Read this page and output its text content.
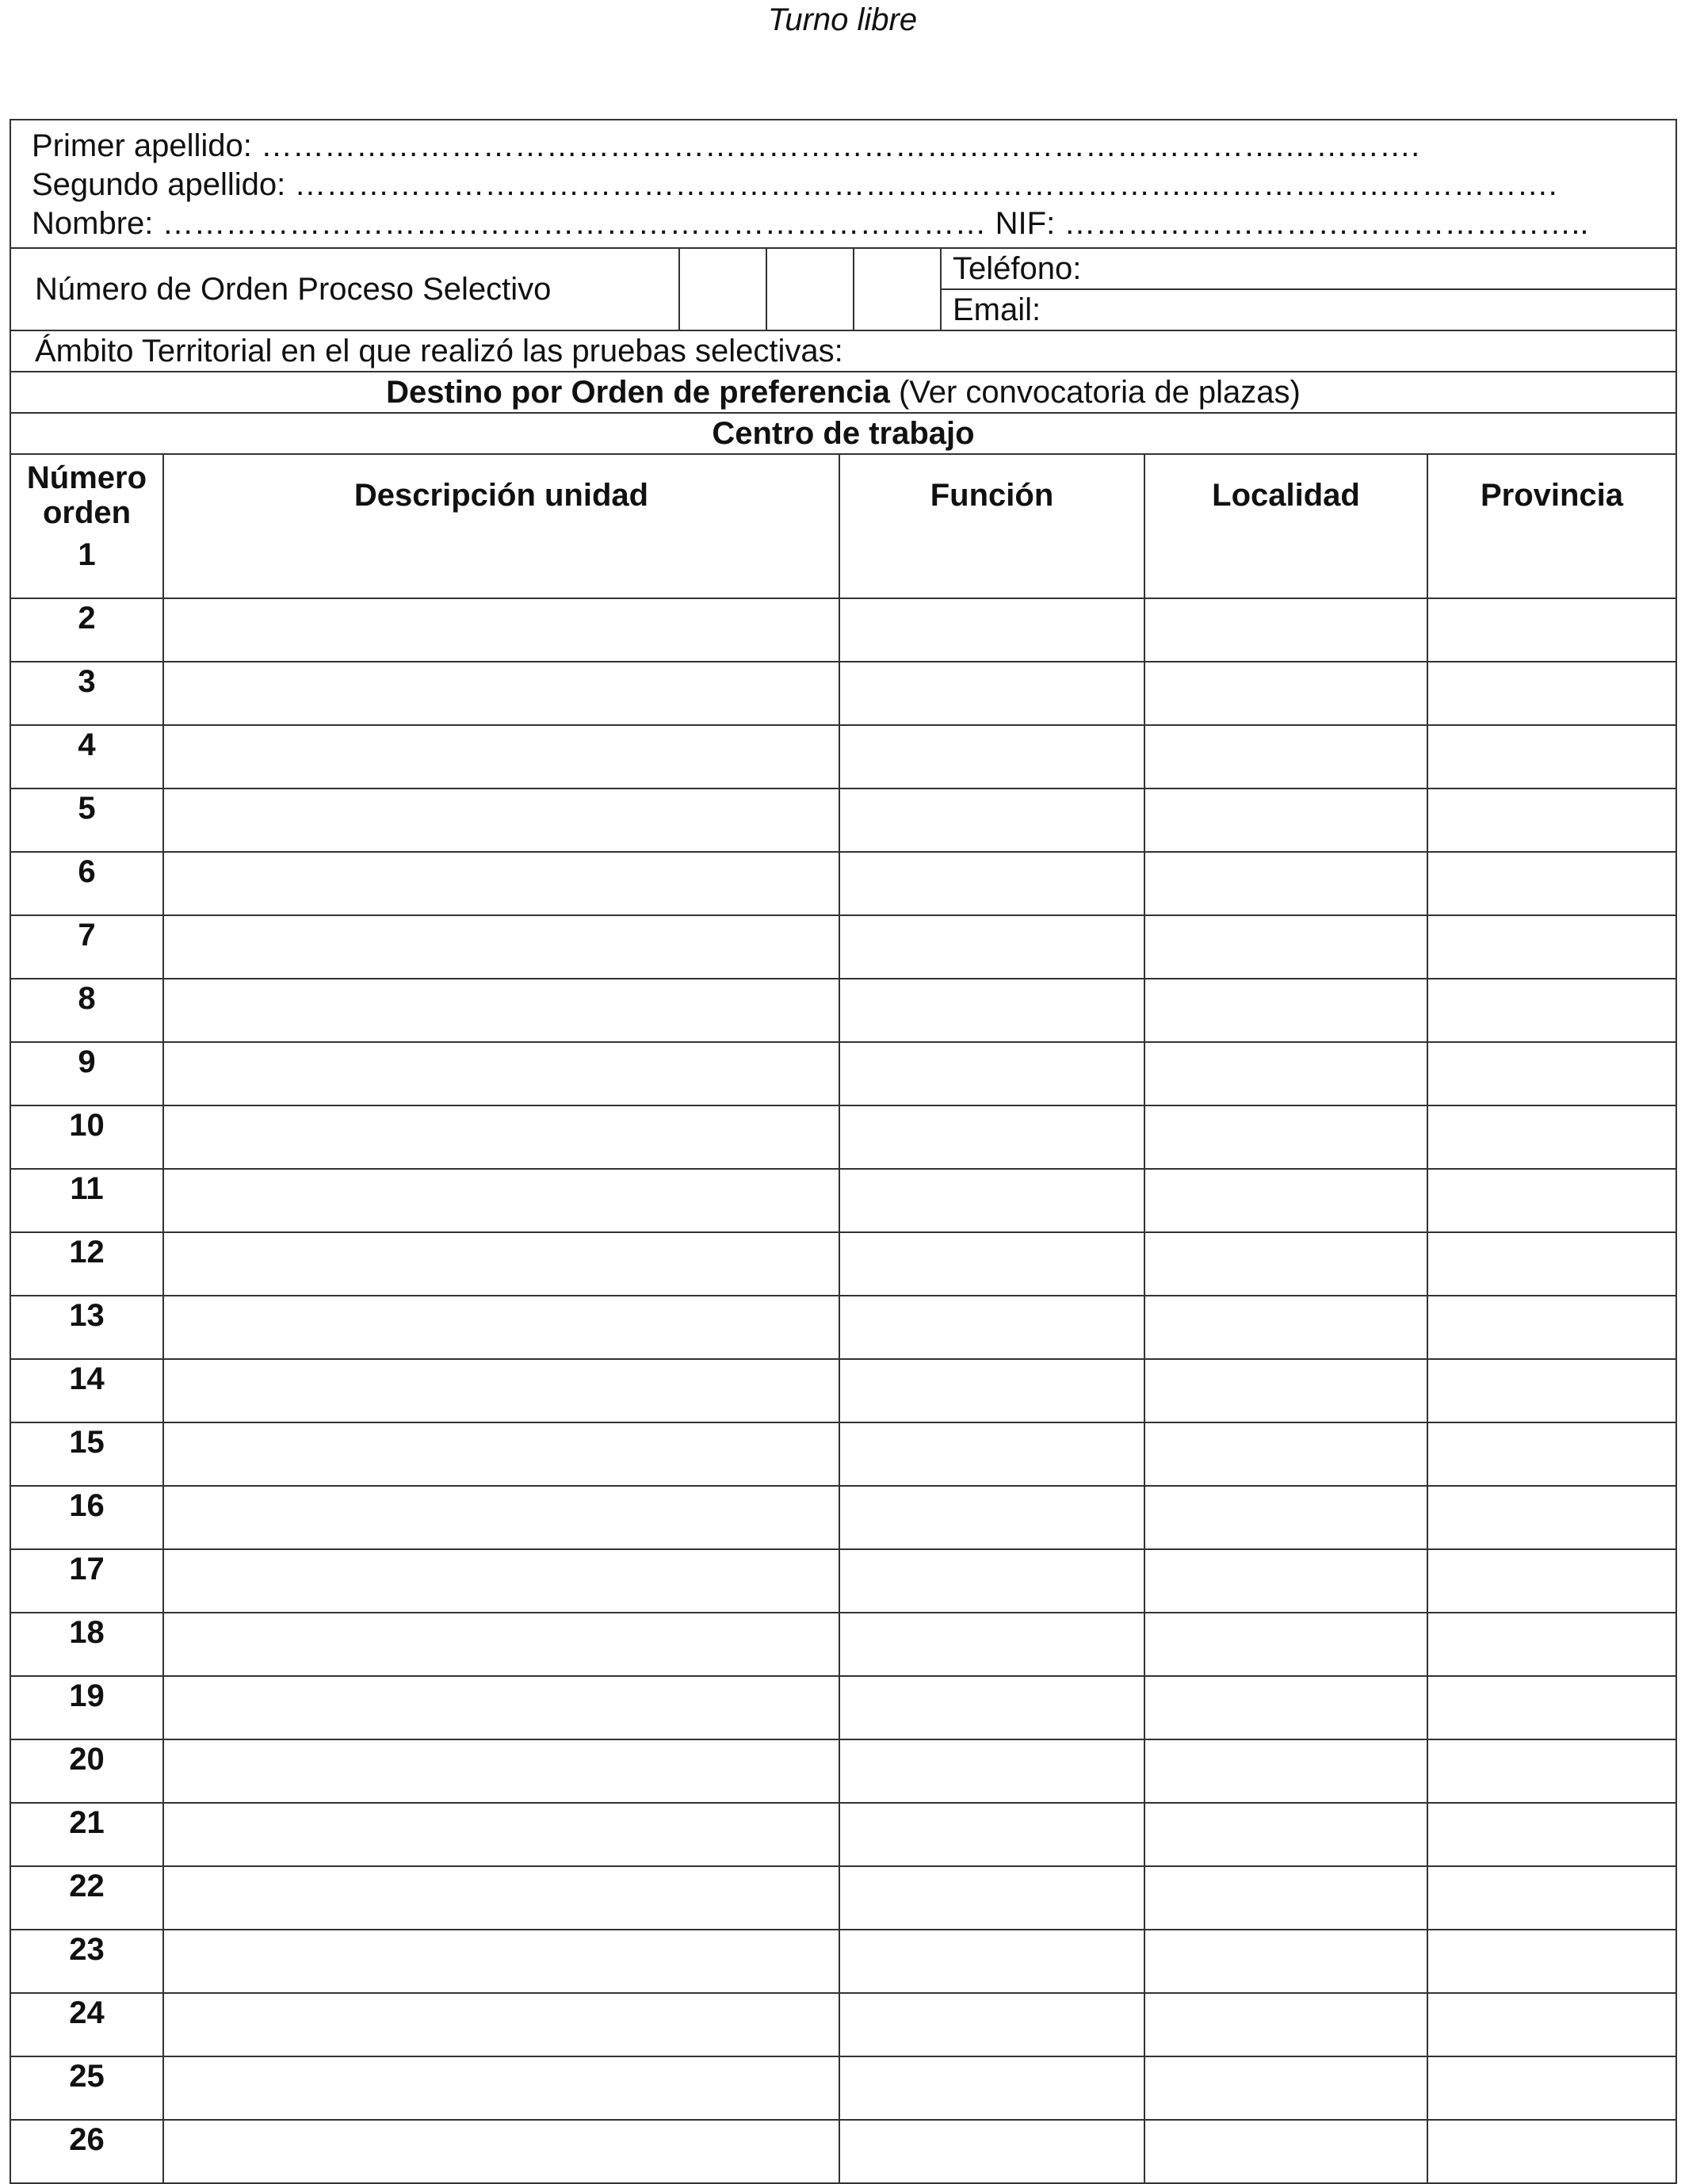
Turno libre
Primer apellido: …………………………………………………………………………………….………….
Segundo apellido: …………………………………………………………………………..…………………………….
Nombre: …………………………………………………………………… NIF: …………………………………………..
Número de Orden Proceso Selectivo
Teléfono:
Email:
Ámbito Territorial en el que realizó las pruebas selectivas:
Destino por Orden de preferencia (Ver convocatoria de plazas)
Centro de trabajo
Número orden	Descripción unidad	Función	Localidad	Provincia
1				
2				
3				
4				
5				
6				
7				
8				
9				
10				
11				
12				
13				
14				
15				
16				
17				
18				
19				
20				
21				
22				
23				
24				
25				
26				
